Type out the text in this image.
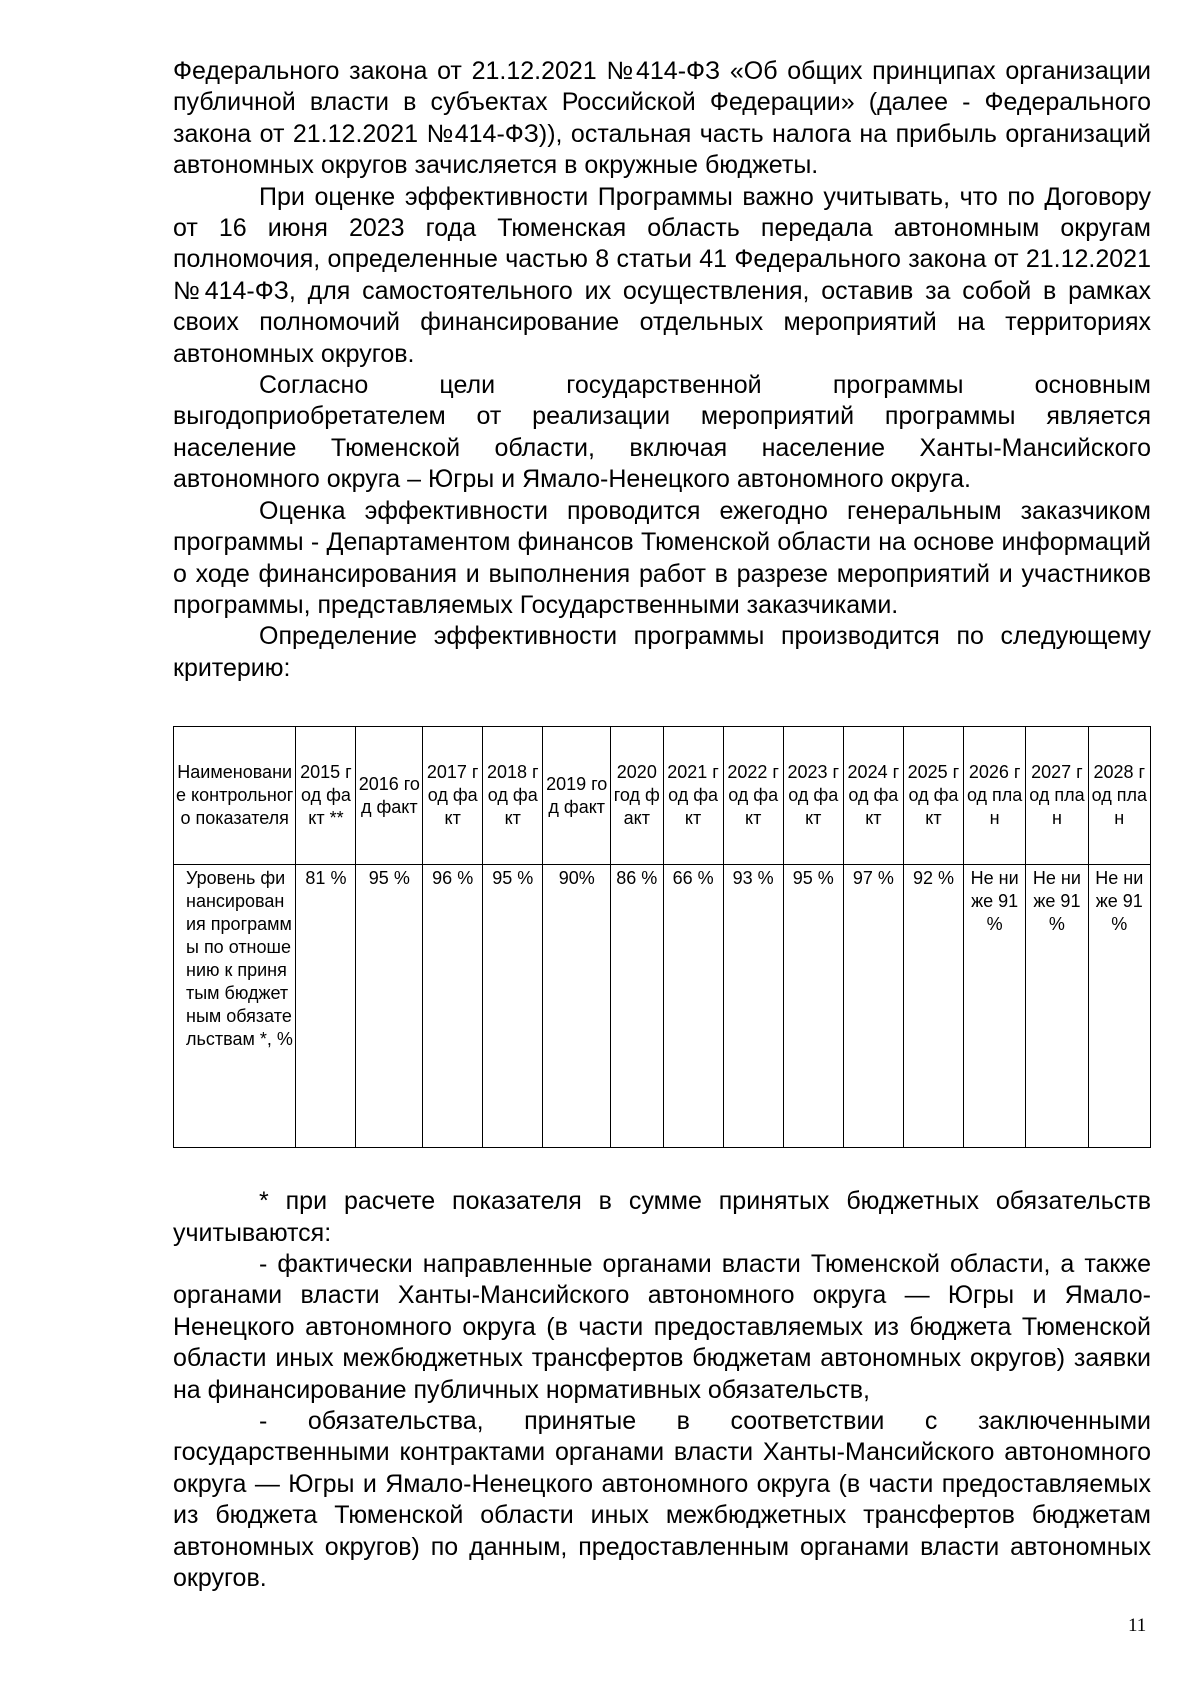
Федерального закона от 21.12.2021 №414-ФЗ «Об общих принципах организации публичной власти в субъектах Российской Федерации» (далее - Федерального закона от 21.12.2021 №414-ФЗ)), остальная часть налога на прибыль организаций автономных округов зачисляется в окружные бюджеты.

При оценке эффективности Программы важно учитывать, что по Договору от 16 июня 2023 года Тюменская область передала автономным округам полномочия, определенные частью 8 статьи 41 Федерального закона от 21.12.2021 №414-ФЗ, для самостоятельного их осуществления, оставив за собой в рамках своих полномочий финансирование отдельных мероприятий на территориях автономных округов.

Согласно цели государственной программы основным выгодоприобретателем от реализации мероприятий программы является население Тюменской области, включая население Ханты-Мансийского автономного округа – Югры и Ямало-Ненецкого автономного округа.

Оценка эффективности проводится ежегодно генеральным заказчиком программы - Департаментом финансов Тюменской области на основе информаций о ходе финансирования и выполнения работ в разрезе мероприятий и участников программы, представляемых Государственными заказчиками.

Определение эффективности программы производится по следующему критерию:

Наименование контрольного показателя	2015 год факт **	2016 год факт	2017 год факт	2018 год факт	2019 год факт	2020 год факт	2021 год факт	2022 год факт	2023 год факт	2024 год факт	2025 год факт	2026 год план	2027 год план	2028 год план
Уровень финансирования программы по отношению к принятым бюджетным обязательствам *, %	81 %	95 %	96 %	95 %	90%	86 %	66 %	93 %	95 %	97 %	92 %	Не ниже 91 %	Не ниже 91 %	Не ниже 91 %

* при расчете показателя в сумме принятых бюджетных обязательств учитываются:

- фактически направленные органами власти Тюменской области, а также органами власти Ханты-Мансийского автономного округа — Югры и Ямало-Ненецкого автономного округа (в части предоставляемых из бюджета Тюменской области иных межбюджетных трансфертов бюджетам автономных округов) заявки на финансирование публичных нормативных обязательств,

- обязательства, принятые в соответствии с заключенными государственными контрактами органами власти Ханты-Мансийского автономного округа — Югры и Ямало-Ненецкого автономного округа (в части предоставляемых из бюджета Тюменской области иных межбюджетных трансфертов бюджетам автономных округов) по данным, предоставленным органами власти автономных округов.

11
